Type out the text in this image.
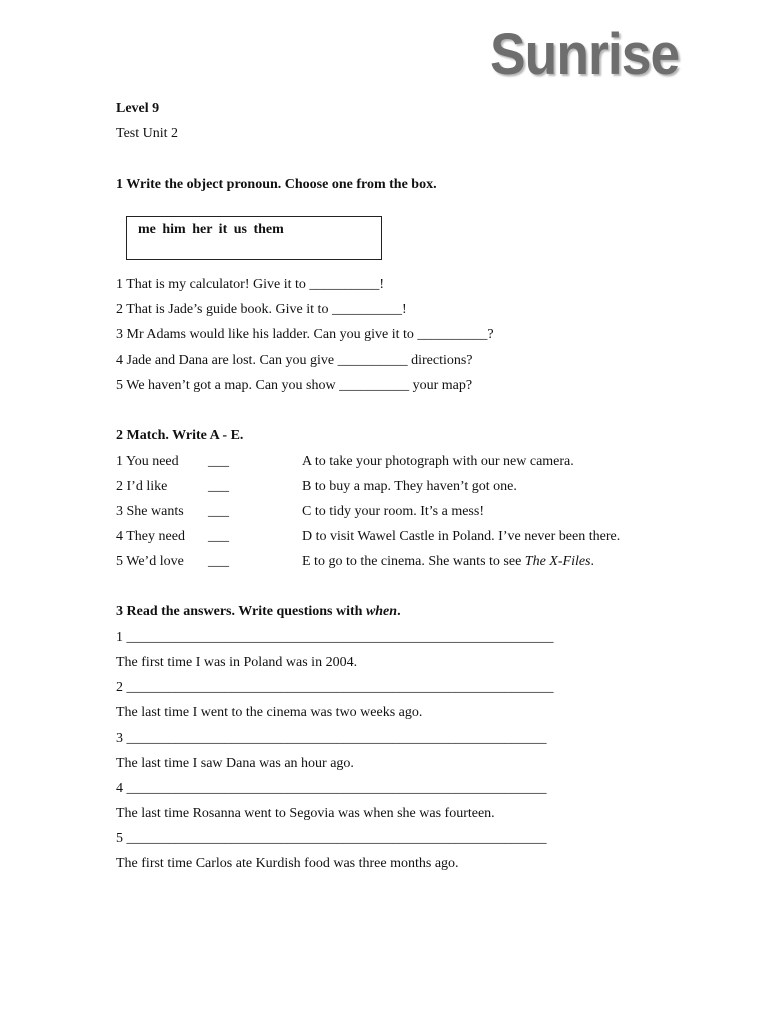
Sunrise
Level 9
Test Unit 2
1 Write the object pronoun. Choose one from the box.
me him her it us them
1 That is my calculator! Give it to __________!
2 That is Jade’s guide book. Give it to __________!
3 Mr Adams would like his ladder. Can you give it to __________?
4 Jade and Dana are lost. Can you give __________ directions?
5 We haven’t got a map. Can you show __________ your map?
2 Match. Write A - E.
1 You need ___	A to take your photograph with our new camera.
2 I’d like	___	B to buy a map. They haven’t got one.
3 She wants ___	C to tidy your room. It’s a mess!
4 They need ___	D to visit Wawel Castle in Poland. I’ve never been there.
5 We’d love ___	E to go to the cinema. She wants to see The X-Files.
3 Read the answers. Write questions with when.
1 _____________________________________________________________
The first time I was in Poland was in 2004.
2 _____________________________________________________________
The last time I went to the cinema was two weeks ago.
3 ____________________________________________________________
The last time I saw Dana was an hour ago.
4 ____________________________________________________________
The last time Rosanna went to Segovia was when she was fourteen.
5 ____________________________________________________________
The first time Carlos ate Kurdish food was three months ago.
